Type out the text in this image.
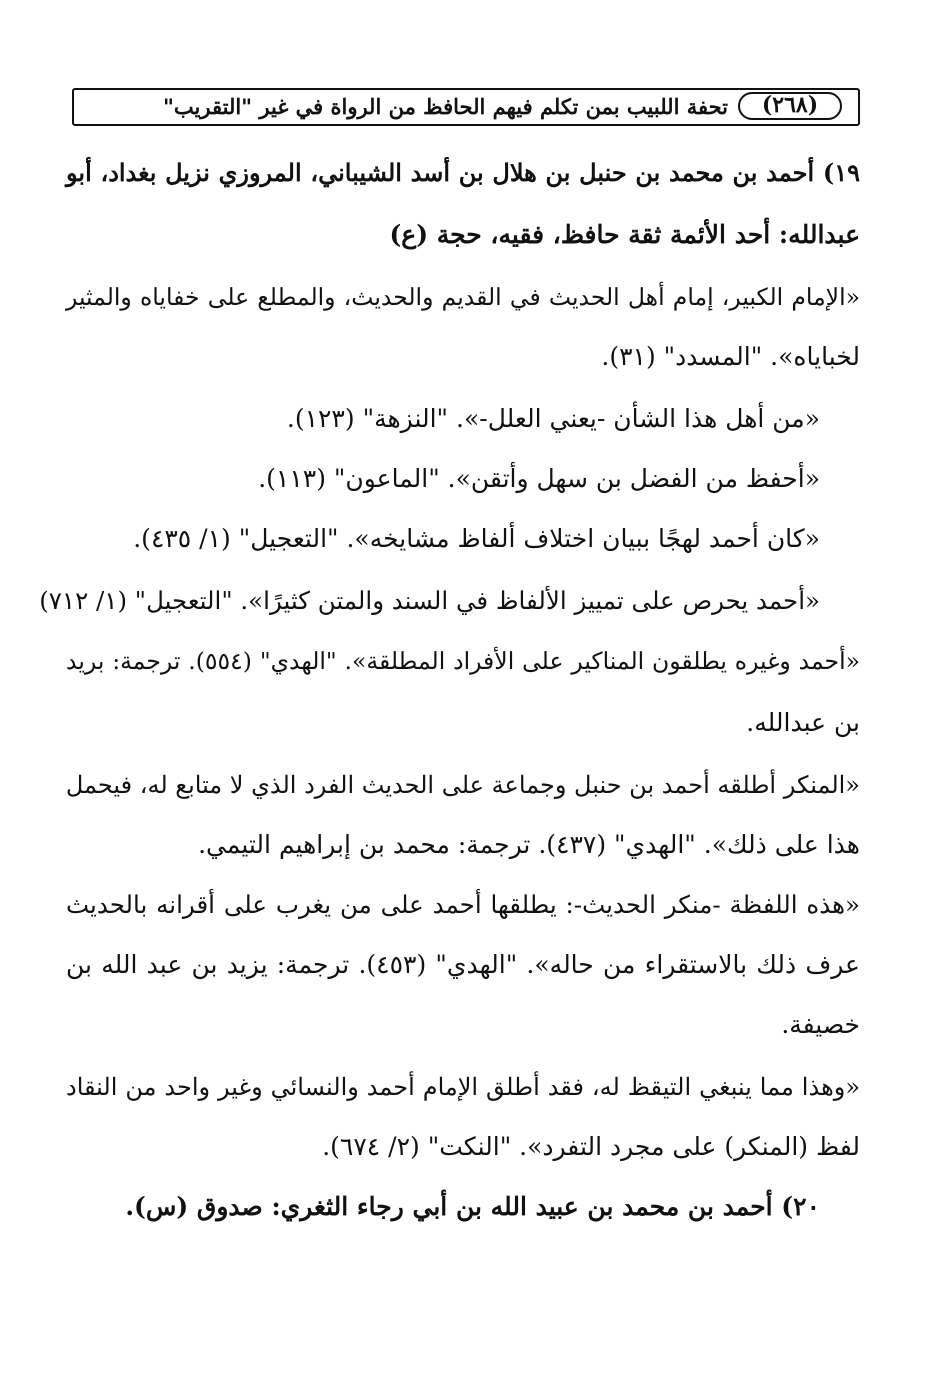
(٢٦٨)
تحفة اللبيب بمن تكلم فيهم الحافظ من الرواة في غير "التقريب"
١٩) أحمد بن محمد بن حنبل بن هلال بن أسد الشيباني، المروزي نزيل بغداد، أبو
عبدالله: أحد الأئمة ثقة حافظ، فقيه، حجة (ع)
«الإمام الكبير، إمام أهل الحديث في القديم والحديث، والمطلع على خفاياه والمثير
لخباياه». "المسدد" (٣١).
«من أهل هذا الشأن -يعني العلل-». "النزهة" (١٢٣).
«أحفظ من الفضل بن سهل وأتقن». "الماعون" (١١٣).
«كان أحمد لهجًا ببيان اختلاف ألفاظ مشايخه». "التعجيل" (١/ ٤٣٥).
«أحمد يحرص على تمييز الألفاظ في السند والمتن كثيرًا». "التعجيل" (١/ ٧١٢)
«أحمد وغيره يطلقون المناكير على الأفراد المطلقة». "الهدي" (٥٥٤). ترجمة: بريد
بن عبدالله.
«المنكر أطلقه أحمد بن حنبل وجماعة على الحديث الفرد الذي لا متابع له، فيحمل
هذا على ذلك». "الهدي" (٤٣٧). ترجمة: محمد بن إبراهيم التيمي.
«هذه اللفظة -منكر الحديث-: يطلقها أحمد على من يغرب على أقرانه بالحديث
عرف ذلك بالاستقراء من حاله». "الهدي" (٤٥٣). ترجمة: يزيد بن عبد الله بن
خصيفة.
«وهذا مما ينبغي التيقظ له، فقد أطلق الإمام أحمد والنسائي وغير واحد من النقاد
لفظ (المنكر) على مجرد التفرد». "النكت" (٢/ ٦٧٤).
٢٠) أحمد بن محمد بن عبيد الله بن أبي رجاء الثغري: صدوق (س).
